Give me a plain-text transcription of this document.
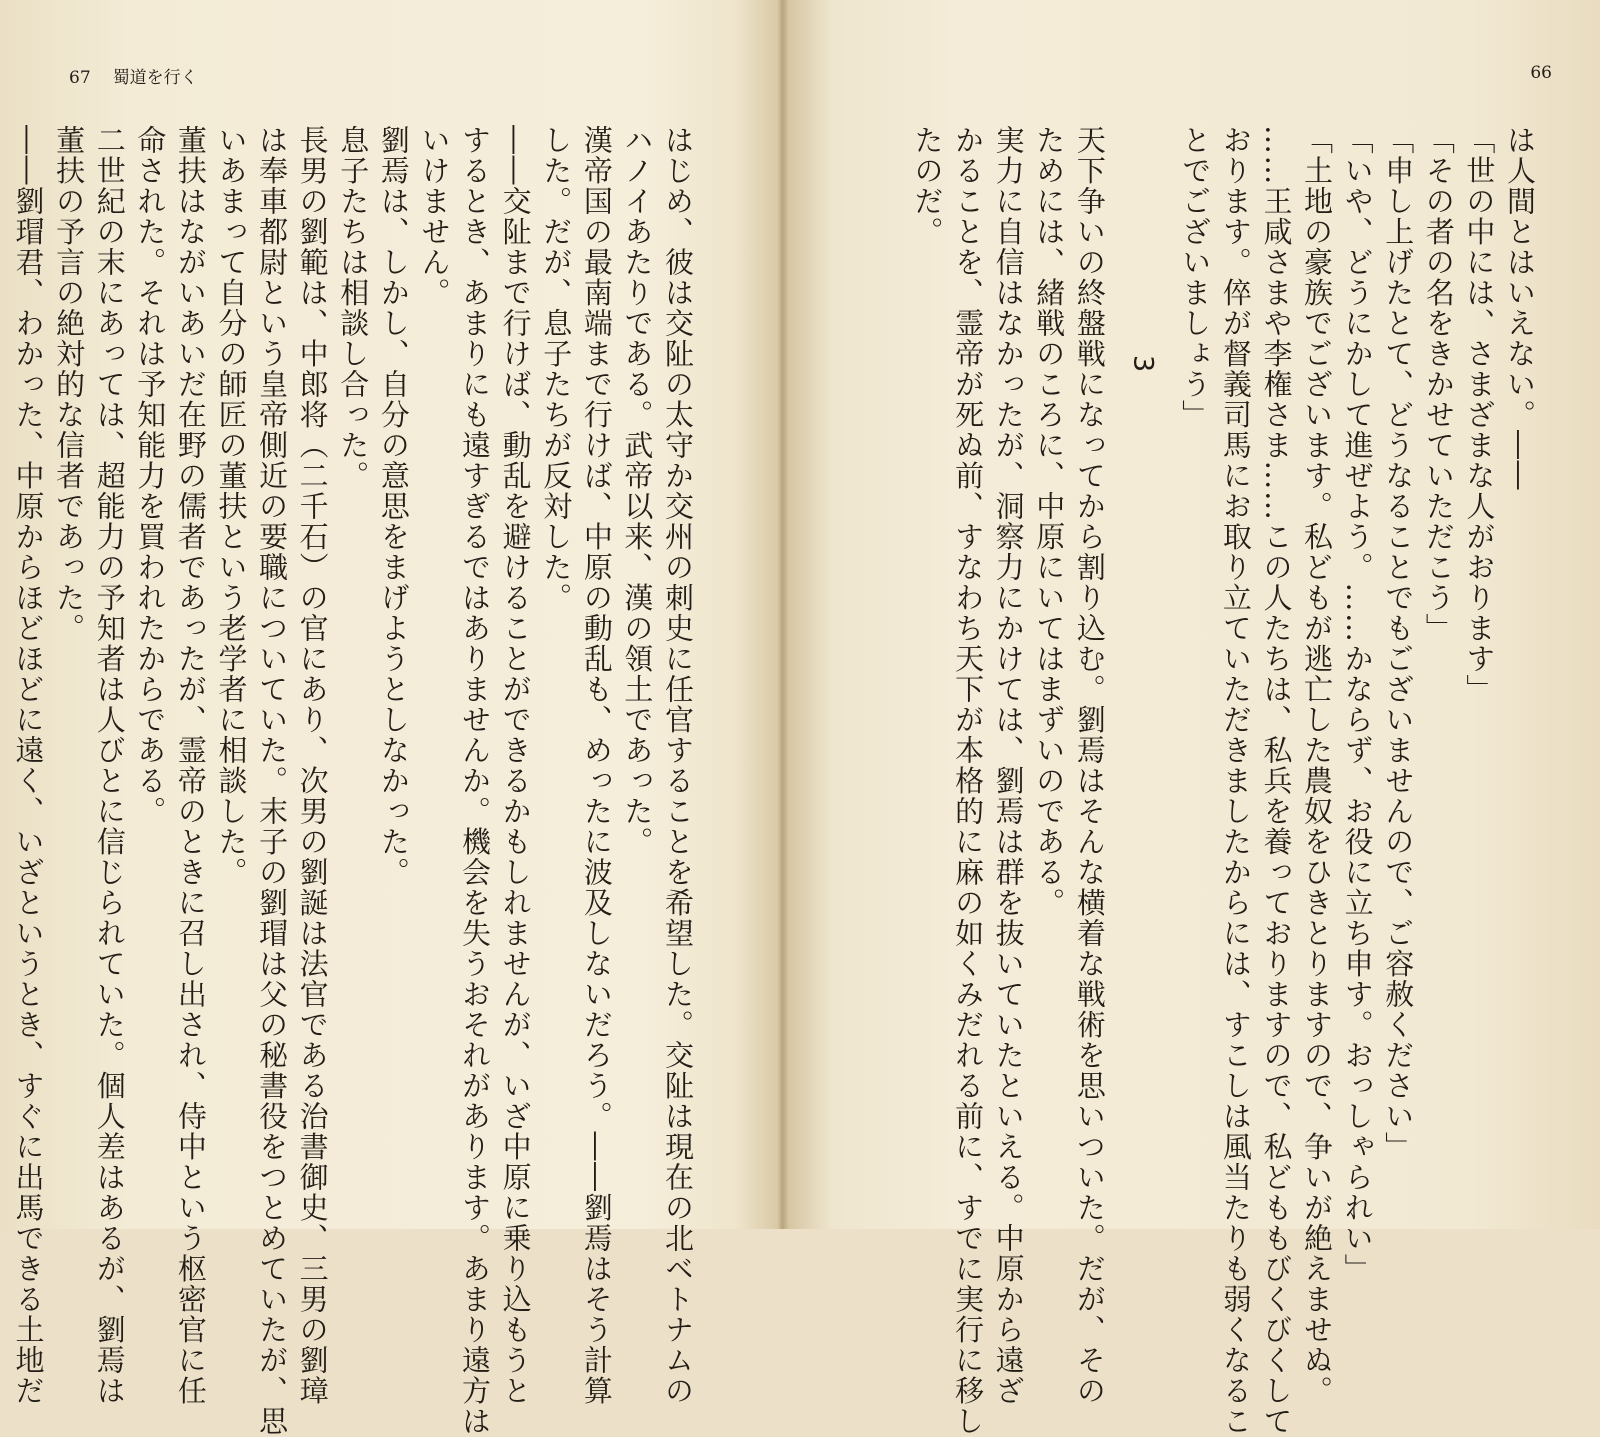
67 蜀道を行く
はじめ、彼は交阯の太守か交州の刺史に任官することを希望した。交阯は現在の北ベトナムの
ハノイあたりである。武帝以来、漢の領土であった。
漢帝国の最南端まで行けば、中原の動乱も、めったに波及しないだろう。――劉焉はそう計算
した。だが、息子たちが反対した。
――交阯まで行けば、動乱を避けることができるかもしれませんが、いざ中原に乗り込もうと
するとき、あまりにも遠すぎるではありませんか。機会を失うおそれがあります。あまり遠方は
いけません。
劉焉は、しかし、自分の意思をまげようとしなかった。
息子たちは相談し合った。
長男の劉範は、中郎将（二千石）の官にあり、次男の劉誕は法官である治書御史、三男の劉璋
は奉車都尉という皇帝側近の要職についていた。末子の劉瑁は父の秘書役をつとめていたが、思
いあまって自分の師匠の董扶という老学者に相談した。
董扶はながいあいだ在野の儒者であったが、霊帝のときに召し出され、侍中という枢密官に任
命された。それは予知能力を買われたからである。
二世紀の末にあっては、超能力の予知者は人びとに信じられていた。個人差はあるが、劉焉は
董扶の予言の絶対的な信者であった。
――劉瑁君、わかった、中原からほどほどに遠く、いざというとき、すぐに出馬できる土地だ
66
は人間とはいえない。――
「世の中には、さまざまな人がおります」
「その者の名をきかせていただこう」
「申し上げたとて、どうなることでもございませんので、ご容赦ください」
「いや、どうにかして進ぜよう。……かならず、お役に立ち申す。おっしゃられい」
「土地の豪族でございます。私どもが逃亡した農奴をひきとりますので、争いが絶えませぬ。
……王咸さまや李権さま……この人たちは、私兵を養っておりますので、私どももびくびくして
おります。倅が督義司馬にお取り立ていただきましたからには、すこしは風当たりも弱くなるこ
とでございましょう」
3
天下争いの終盤戦になってから割り込む。劉焉はそんな横着な戦術を思いついた。だが、その
ためには、緒戦のころに、中原にいてはまずいのである。
実力に自信はなかったが、洞察力にかけては、劉焉は群を抜いていたといえる。中原から遠ざ
かることを、霊帝が死ぬ前、すなわち天下が本格的に麻の如くみだれる前に、すでに実行に移し
たのだ。
